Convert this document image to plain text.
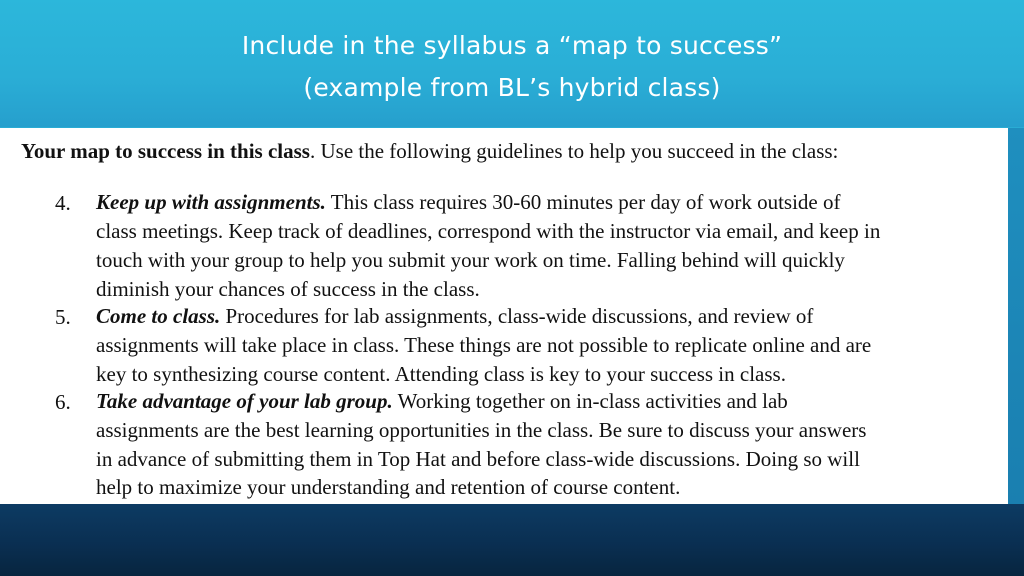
Include in the syllabus a “map to success”
(example from BL’s hybrid class)
Your map to success in this class. Use the following guidelines to help you succeed in the class:
4. Keep up with assignments. This class requires 30-60 minutes per day of work outside of
class meetings. Keep track of deadlines, correspond with the instructor via email, and keep in
touch with your group to help you submit your work on time. Falling behind will quickly
diminish your chances of success in the class.
5. Come to class. Procedures for lab assignments, class-wide discussions, and review of
assignments will take place in class. These things are not possible to replicate online and are
key to synthesizing course content. Attending class is key to your success in class.
6. Take advantage of your lab group. Working together on in-class activities and lab
assignments are the best learning opportunities in the class. Be sure to discuss your answers
in advance of submitting them in Top Hat and before class-wide discussions. Doing so will
help to maximize your understanding and retention of course content.
